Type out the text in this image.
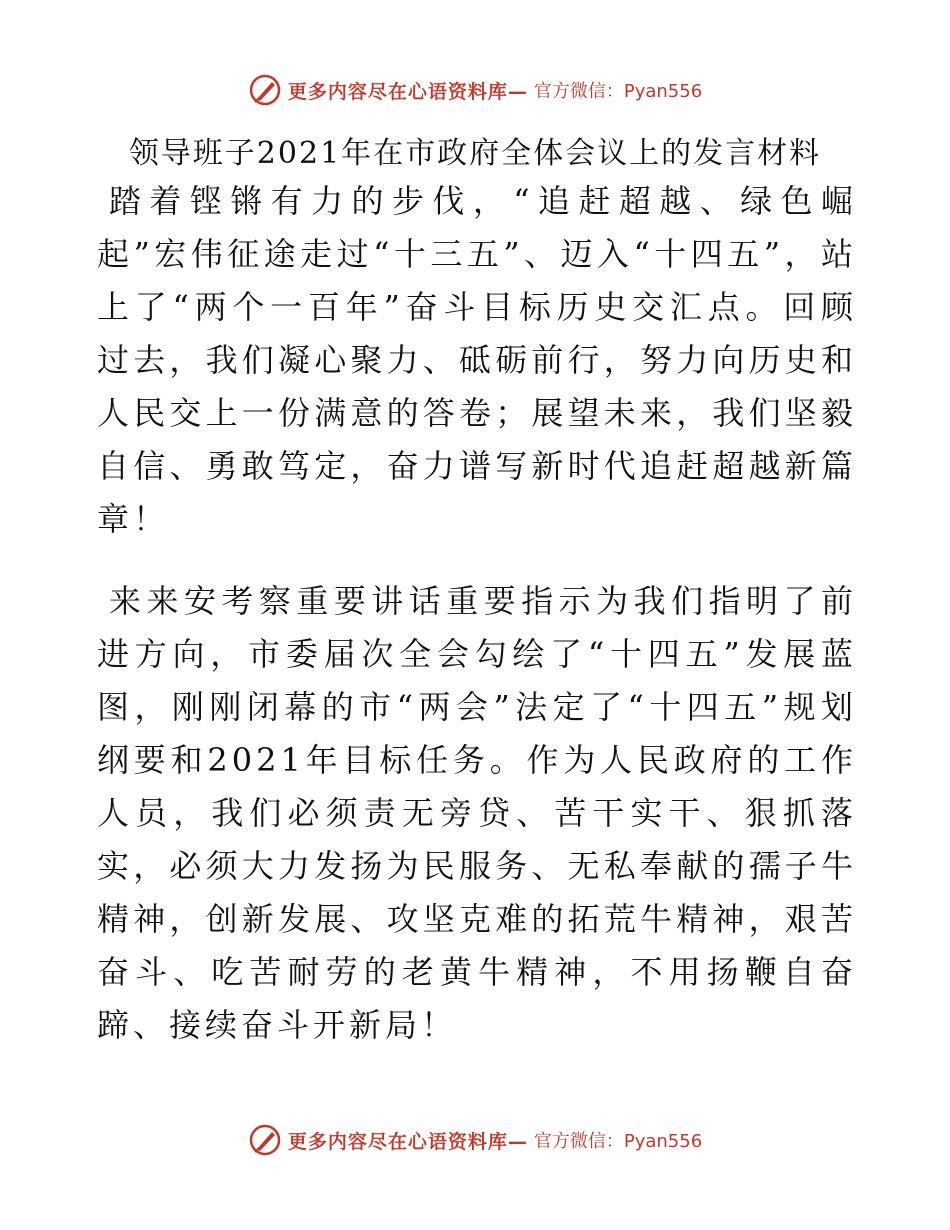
更多内容尽在心语资料库— 官方微信：Pyan556
领导班子2021年在市政府全体会议上的发言材料

踏着铿锵有力的步伐，“追赶超越、绿色崛起”宏伟征途走过“十三五”、迈入“十四五”，站上了“两个一百年”奋斗目标历史交汇点。回顾过去，我们凝心聚力、砥砺前行，努力向历史和人民交上一份满意的答卷；展望未来，我们坚毅自信、勇敢笃定，奋力谱写新时代追赶超越新篇章！

来来安考察重要讲话重要指示为我们指明了前进方向，市委届次全会勾绘了“十四五”发展蓝图，刚刚闭幕的市“两会”法定了“十四五”规划纲要和2021年目标任务。作为人民政府的工作人员，我们必须责无旁贷、苦干实干、狠抓落实，必须大力发扬为民服务、无私奉献的孺子牛精神，创新发展、攻坚克难的拓荒牛精神，艰苦奋斗、吃苦耐劳的老黄牛精神，不用扬鞭自奋蹄、接续奋斗开新局！

更多内容尽在心语资料库— 官方微信：Pyan556
